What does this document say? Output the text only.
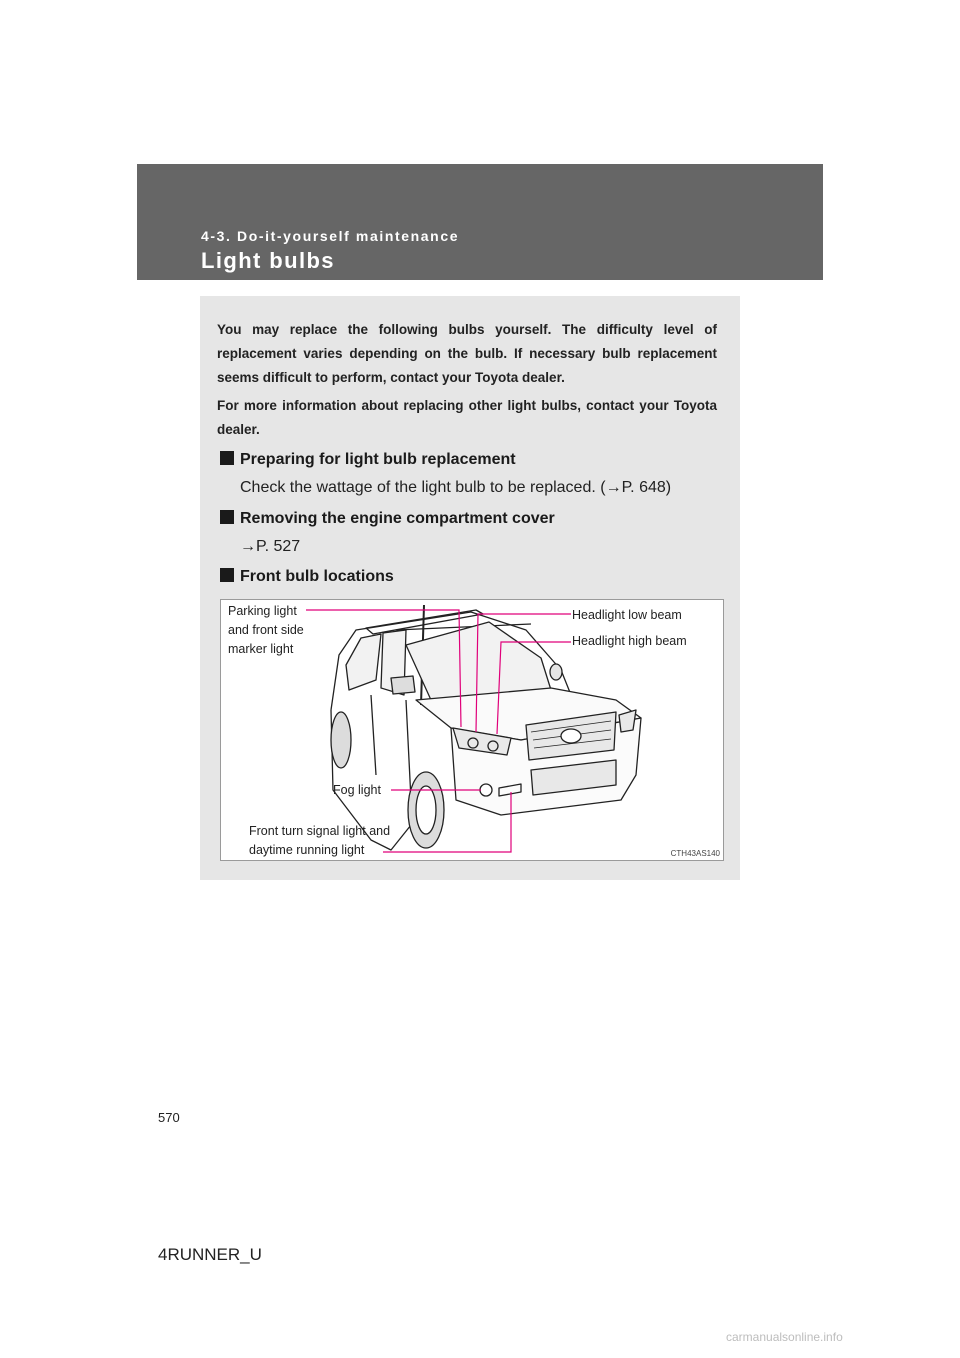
4-3. Do-it-yourself maintenance
Light bulbs
You may replace the following bulbs yourself. The difficulty level of replacement varies depending on the bulb. If necessary bulb replacement seems difficult to perform, contact your Toyota dealer.
For more information about replacing other light bulbs, contact your Toyota dealer.
Preparing for light bulb replacement
Check the wattage of the light bulb to be replaced. (→P. 648)
Removing the engine compartment cover
→P. 527
Front bulb locations
Parking light
and front side
marker light
Headlight low beam
Headlight high beam
Fog light
Front turn signal light and
daytime running light	CTH43AS140
570
4RUNNER_U
carmanualsonline.info
